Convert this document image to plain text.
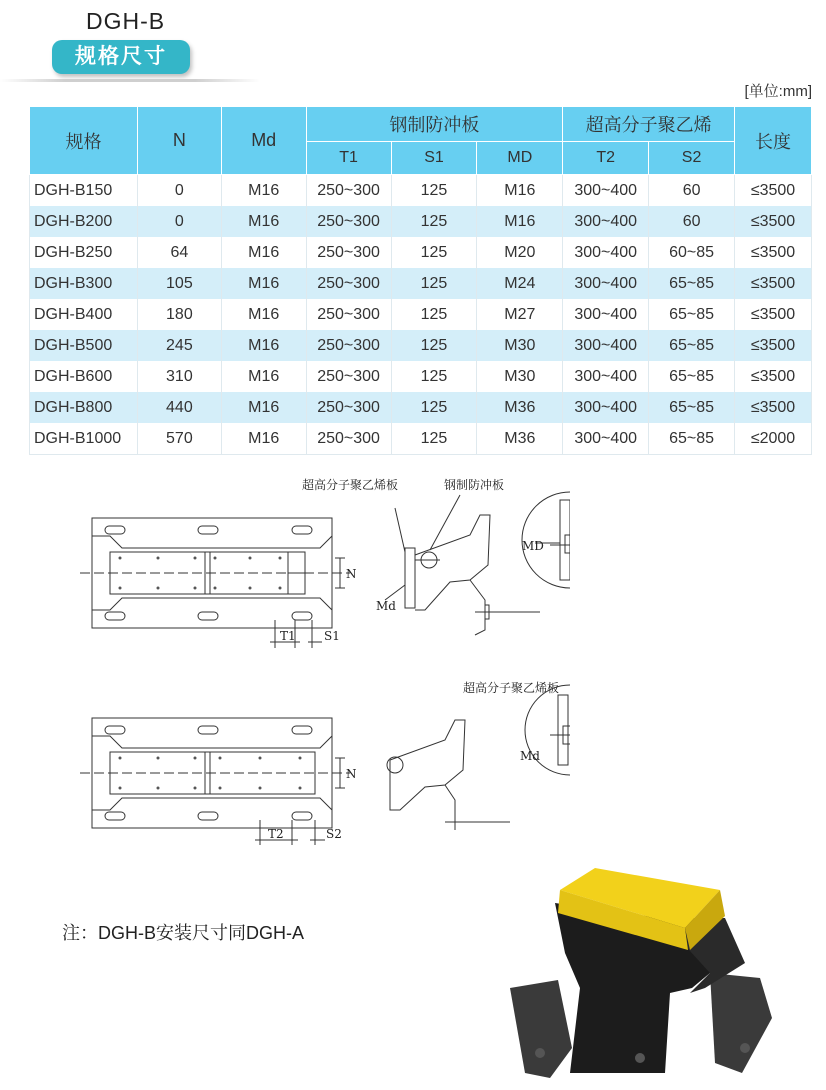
DGH-B
规格尺寸
[单位:mm]
规格	N	Md	钢制防冲板			超高分子聚乙烯		长度
			T1	S1	MD	T2	S2	
DGH-B150	0	M16	250~300	125	M16	300~400	60	≤3500
DGH-B200	0	M16	250~300	125	M16	300~400	60	≤3500
DGH-B250	64	M16	250~300	125	M20	300~400	60~85	≤3500
DGH-B300	105	M16	250~300	125	M24	300~400	65~85	≤3500
DGH-B400	180	M16	250~300	125	M27	300~400	65~85	≤3500
DGH-B500	245	M16	250~300	125	M30	300~400	65~85	≤3500
DGH-B600	310	M16	250~300	125	M30	300~400	65~85	≤3500
DGH-B800	440	M16	250~300	125	M36	300~400	65~85	≤3500
DGH-B1000	570	M16	250~300	125	M36	300~400	65~85	≤2000
超高分子聚乙烯板	钢制防冲板
MD
Md
N
T1 S1
超高分子聚乙烯板
Md
N
T2	S2
注：DGH-B安装尺寸同DGH-A
